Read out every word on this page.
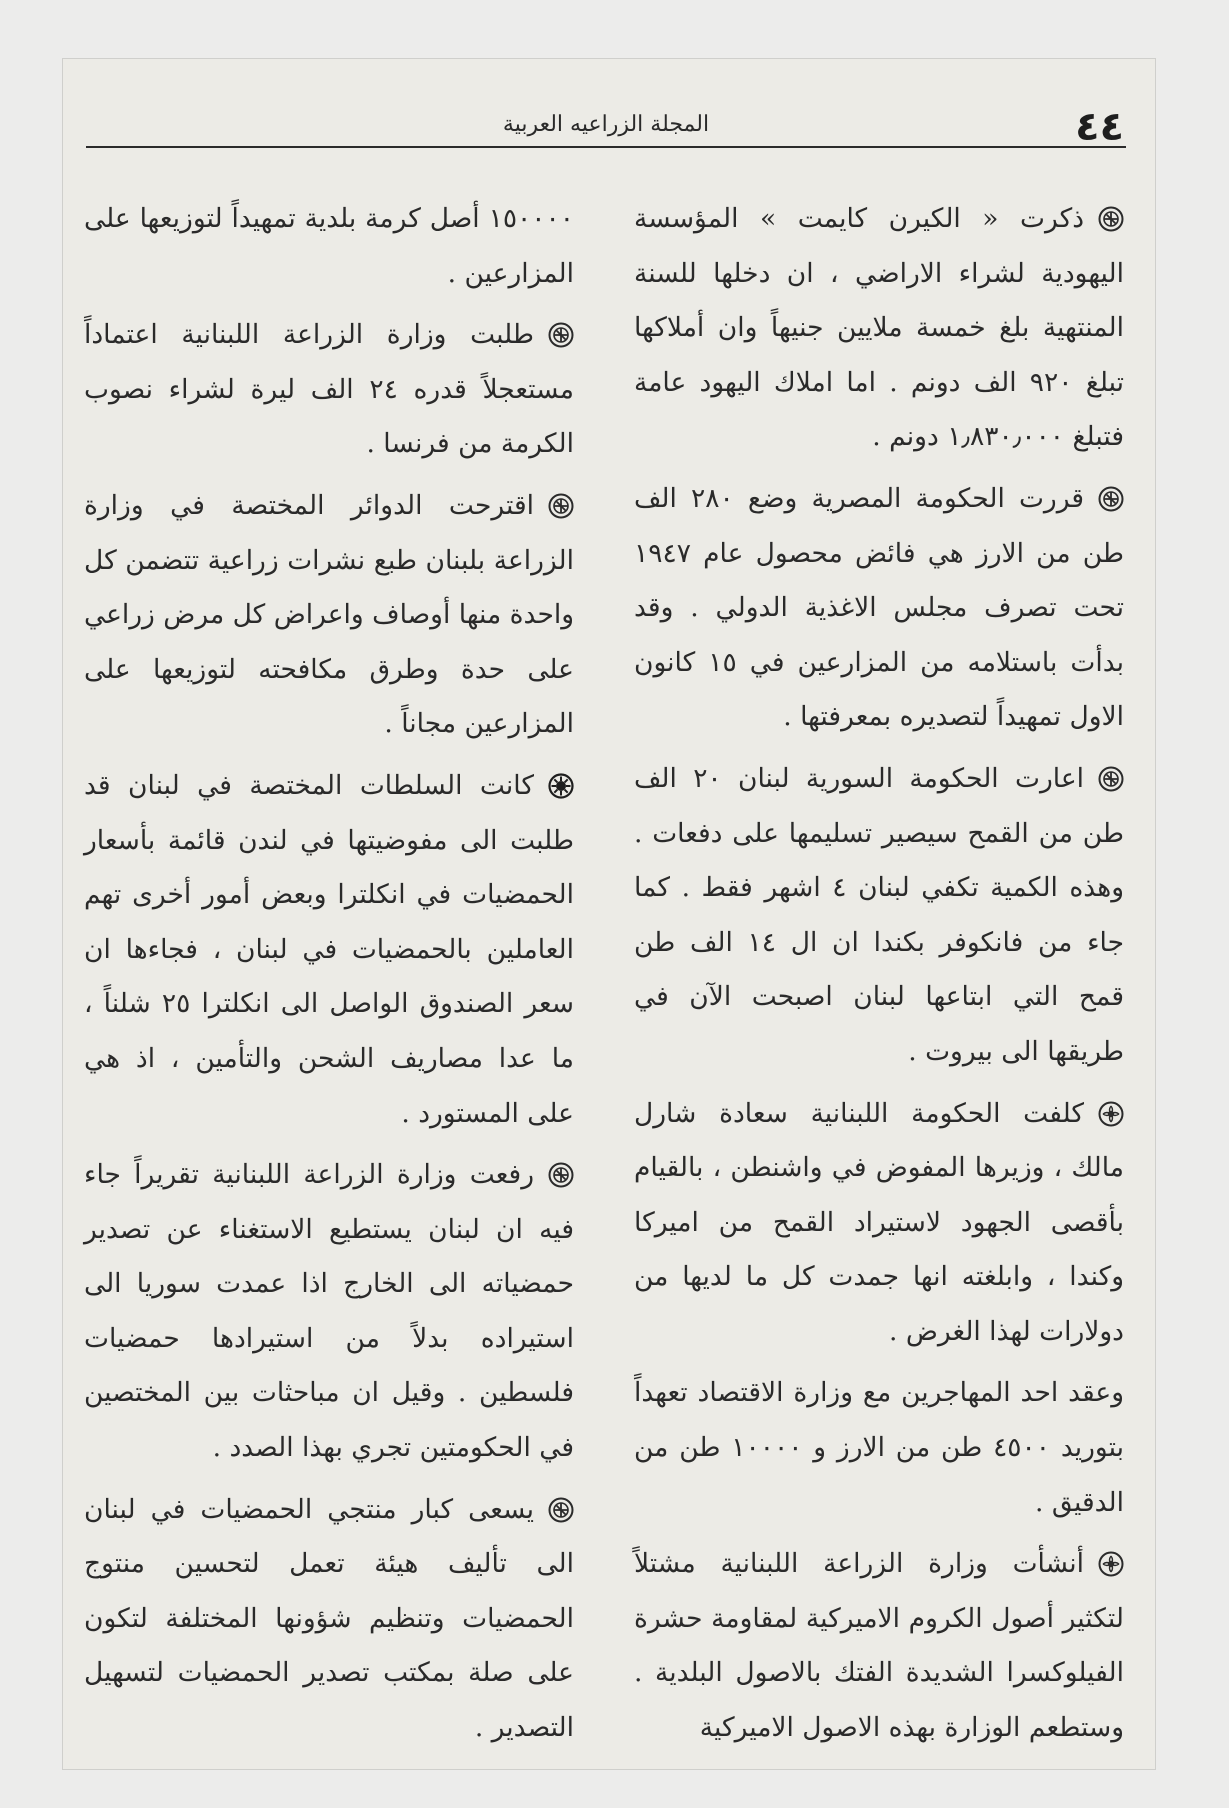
٤٤
المجلة الزراعيه العربية

ذكرت « الكيرن كايمت » المؤسسة اليهودية لشراء الاراضي ، ان دخلها للسنة المنتهية بلغ خمسة ملايين جنيهاً وان أملاكها تبلغ ٩٢٠ الف دونم . اما املاك اليهود عامة فتبلغ ١٫٨٣٠٫٠٠٠ دونم .

قررت الحكومة المصرية وضع ٢٨٠ الف طن من الارز هي فائض محصول عام ١٩٤٧ تحت تصرف مجلس الاغذية الدولي . وقد بدأت باستلامه من المزارعين في ١٥ كانون الاول تمهيداً لتصديره بمعرفتها .

اعارت الحكومة السورية لبنان ٢٠ الف طن من القمح سيصير تسليمها على دفعات . وهذه الكمية تكفي لبنان ٤ اشهر فقط . كما جاء من فانكوفر بكندا ان ال ١٤ الف طن قمح التي ابتاعها لبنان اصبحت الآن في طريقها الى بيروت .

كلفت الحكومة اللبنانية سعادة شارل مالك ، وزيرها المفوض في واشنطن ، بالقيام بأقصى الجهود لاستيراد القمح من اميركا وكندا ، وابلغته انها جمدت كل ما لديها من دولارات لهذا الغرض .

وعقد احد المهاجرين مع وزارة الاقتصاد تعهداً بتوريد ٤٥٠٠ طن من الارز و ١٠٠٠٠ طن من الدقيق .

أنشأت وزارة الزراعة اللبنانية مشتلاً لتكثير أصول الكروم الاميركية لمقاومة حشرة الفيلوكسرا الشديدة الفتك بالاصول البلدية . وستطعم الوزارة بهذه الاصول الاميركية

١٥٠٠٠٠ أصل كرمة بلدية تمهيداً لتوزيعها على المزارعين .

طلبت وزارة الزراعة اللبنانية اعتماداً مستعجلاً قدره ٢٤ الف ليرة لشراء نصوب الكرمة من فرنسا .

اقترحت الدوائر المختصة في وزارة الزراعة بلبنان طبع نشرات زراعية تتضمن كل واحدة منها أوصاف واعراض كل مرض زراعي على حدة وطرق مكافحته لتوزيعها على المزارعين مجاناً .

كانت السلطات المختصة في لبنان قد طلبت الى مفوضيتها في لندن قائمة بأسعار الحمضيات في انكلترا وبعض أمور أخرى تهم العاملين بالحمضيات في لبنان ، فجاءها ان سعر الصندوق الواصل الى انكلترا ٢٥ شلناً ، ما عدا مصاريف الشحن والتأمين ، اذ هي على المستورد .

رفعت وزارة الزراعة اللبنانية تقريراً جاء فيه ان لبنان يستطيع الاستغناء عن تصدير حمضياته الى الخارج اذا عمدت سوريا الى استيراده بدلاً من استيرادها حمضيات فلسطين . وقيل ان مباحثات بين المختصين في الحكومتين تجري بهذا الصدد .

يسعى كبار منتجي الحمضيات في لبنان الى تأليف هيئة تعمل لتحسين منتوج الحمضيات وتنظيم شؤونها المختلفة لتكون على صلة بمكتب تصدير الحمضيات لتسهيل التصدير .
